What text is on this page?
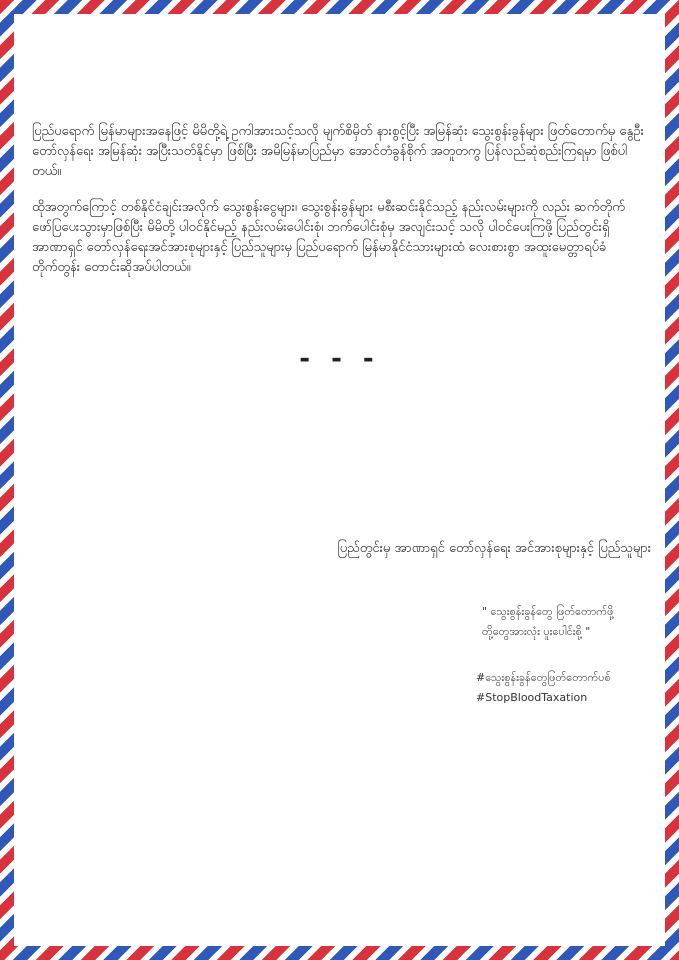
ပြည်ပရောက် မြန်မာများအနေဖြင့် မိမိတို့ရဲ့ ဥကါအားသင့်သလို မျက်စိမှိတ် နားစွင့်ပြီး အမြန်ဆုံး သွေးစွန်းခွန်များ ဖြတ်တောက်မှ နွေဦး တော်လှန်ရေး အမြန်ဆုံး အပြီးသတ်နိုင်မှာ ဖြစ်ပြီး အမိမြန်မာပြည်မှာ အောင်တံခွန်စိုက် အတူတကွ ပြန်လည်ဆုံစည်းကြရမှာ ဖြစ်ပါတယ်။

ထိုအတွက်ကြောင့် တစ်နိုင်ငံချင်းအလိုက် သွေးစွန်းငွေများ၊ သွေးစွန်းခွန်များ မစီးဆင်းနိုင်သည့် နည်းလမ်းများကို လည်း ဆက်တိုက် ဖော်ပြပေးသွားမှာဖြစ်ပြီး မိမိတို့ ပါဝင်နိုင်မည့် နည်းလမ်းပေါင်းစုံ၊ ဘက်ပေါင်းစုံမှ အလျင်းသင့် သလို ပါဝင်ပေးကြဖို့ ပြည်တွင်းရှိ အာဏာရှင် တော်လှန်ရေးအင်အားစုများနှင့် ပြည်သူများမှ ပြည်ပရောက် မြန်မာနိုင်ငံသားများထံ လေးစားစွာ အထူးမေတ္တာရပ်ခံ တိုက်တွန်း တောင်းဆိုအပ်ပါတယ်။

- - -
ပြည်တွင်းမှ အာဏာရှင် တော်လှန်ရေး အင်အားစုများနှင့် ပြည်သူများ
" သွေးစွန်းခွန်တွေ ဖြတ်တောက်ဖို့
တို့တွေအားလုံး ပူးပေါင်းစို့ "
#သွေးစွန်းခွန်တွေဖြတ်တောက်ပစ်
#StopBloodTaxation
